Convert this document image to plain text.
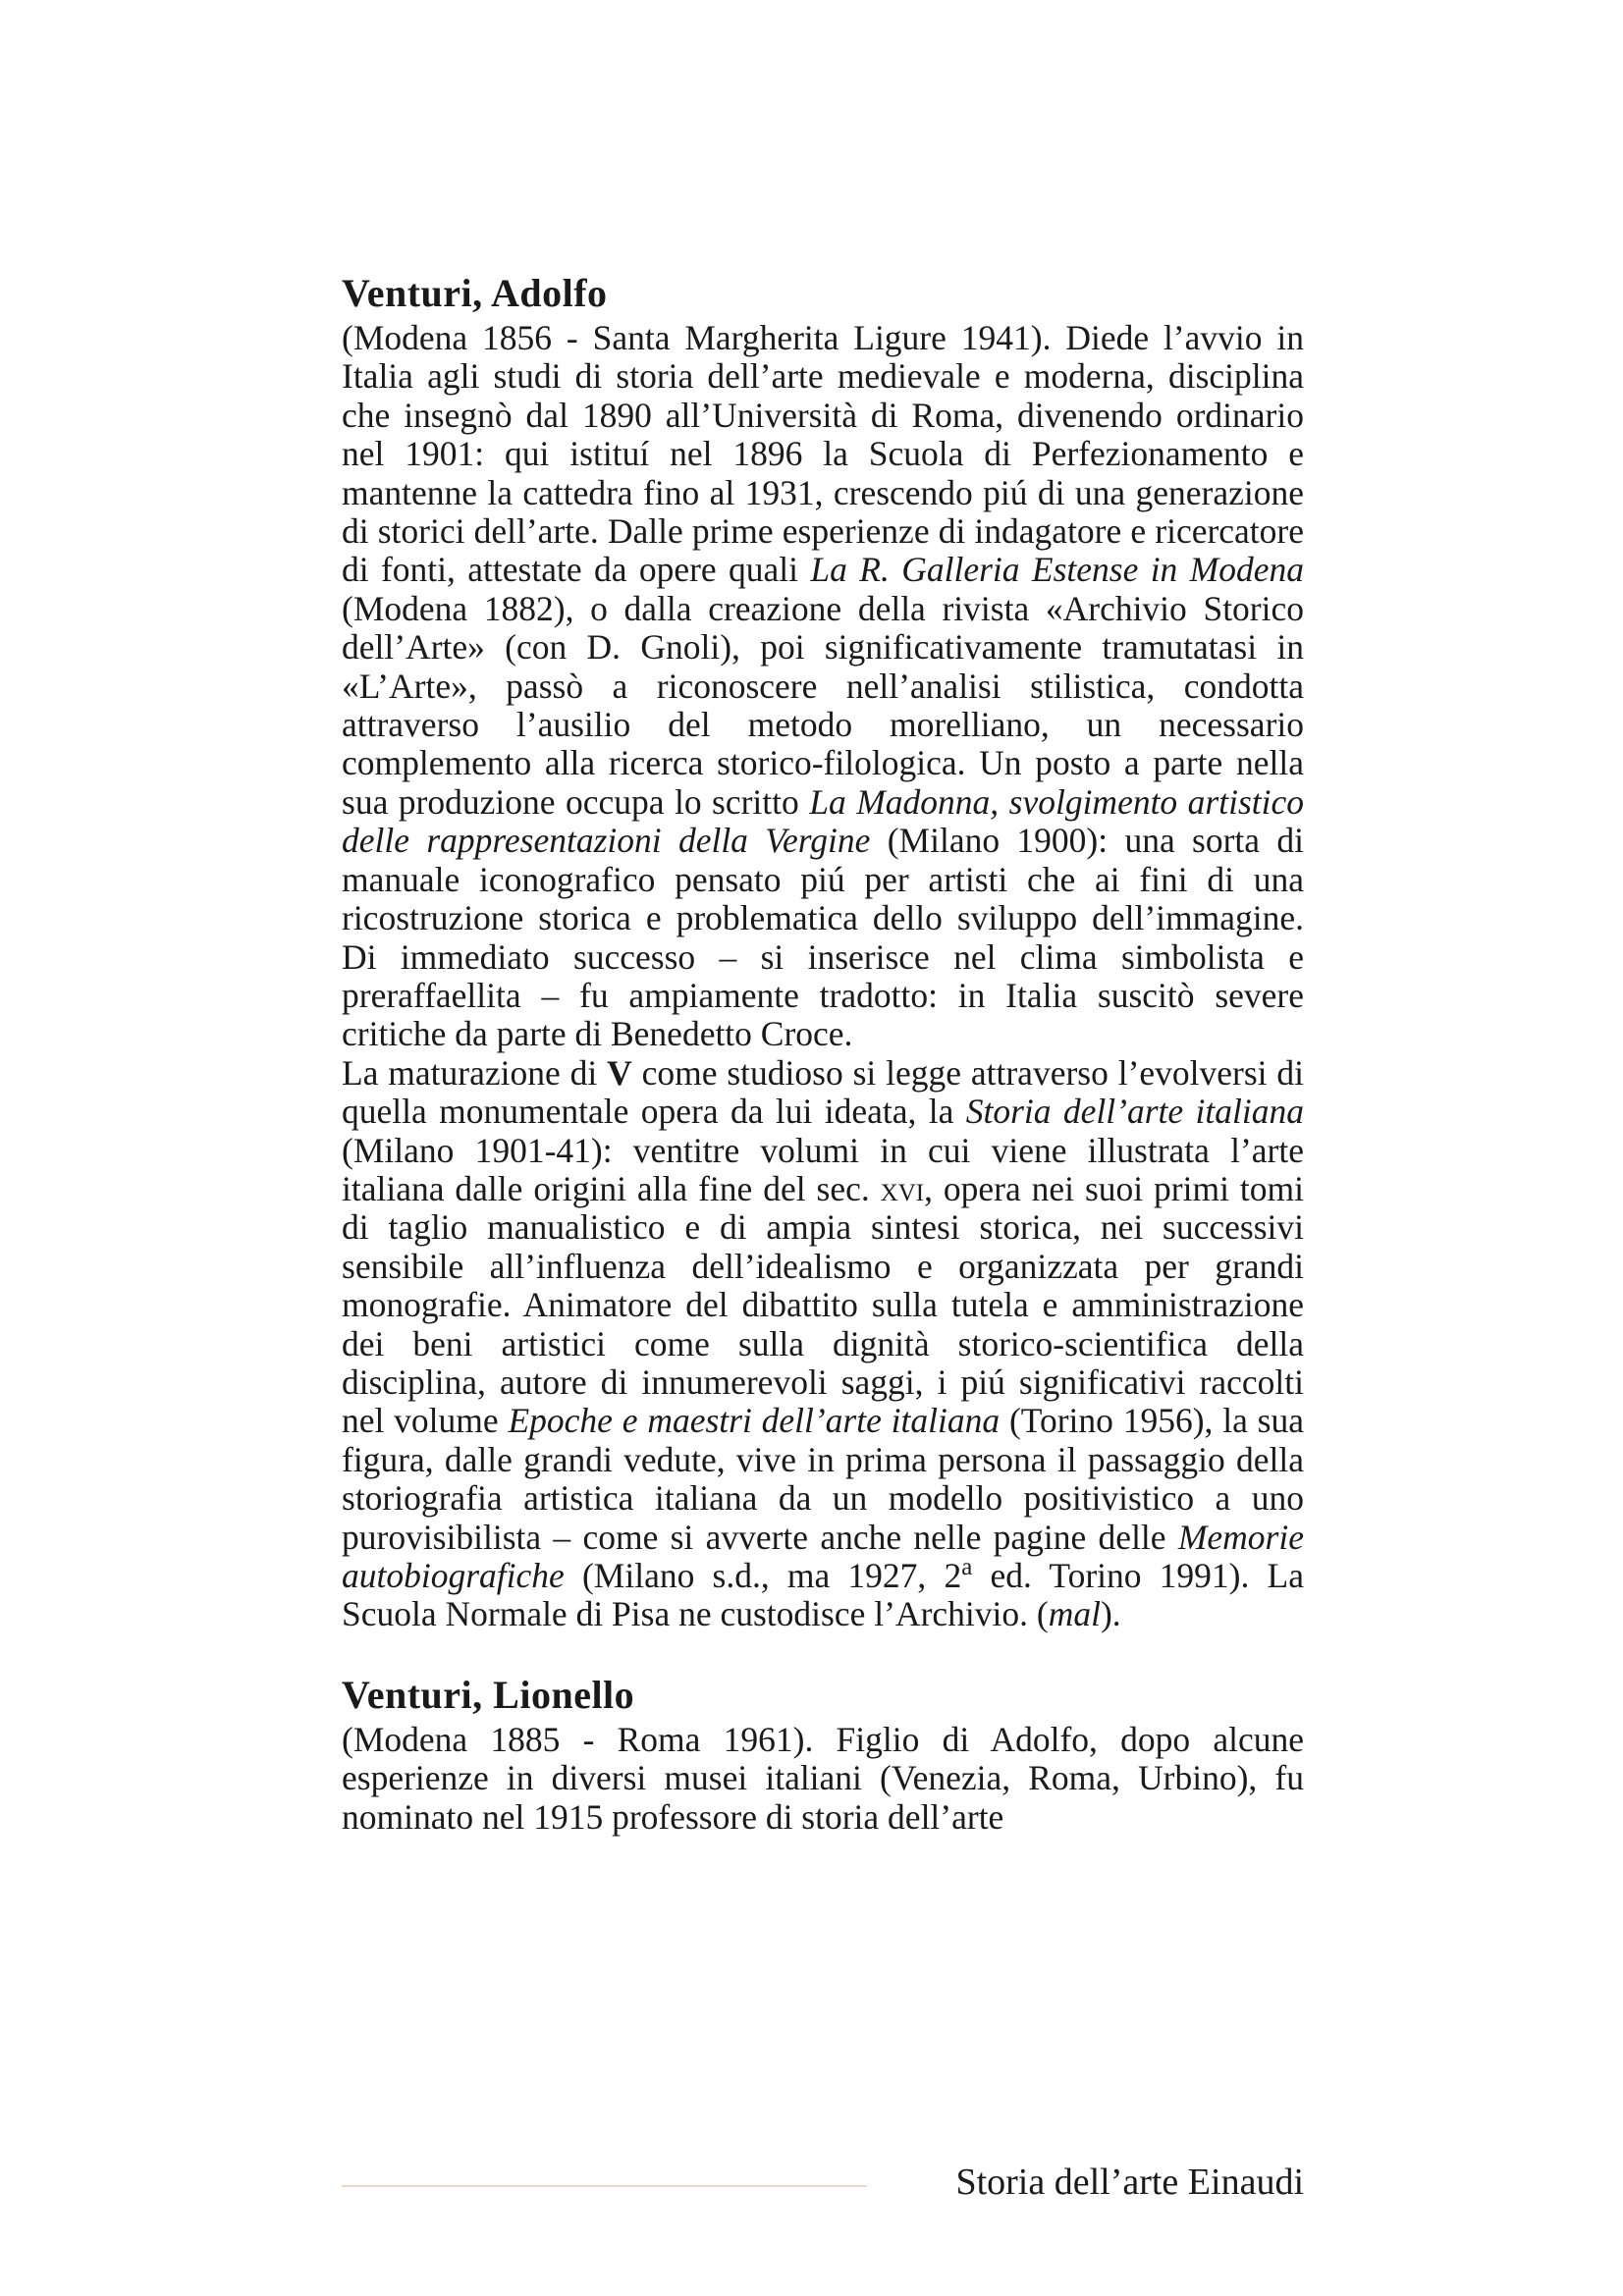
Venturi, Adolfo

(Modena 1856 - Santa Margherita Ligure 1941). Diede l’avvio in Italia agli studi di storia dell’arte medievale e moderna, disciplina che insegnò dal 1890 all’Università di Roma, divenendo ordinario nel 1901: qui istituí nel 1896 la Scuola di Perfezionamento e mantenne la cattedra fino al 1931, crescendo piú di una generazione di storici dell’arte. Dalle prime esperienze di indagatore e ricercatore di fonti, attestate da opere quali La R. Galleria Estense in Modena (Modena 1882), o dalla creazione della rivista «Archivio Storico dell’Arte» (con D. Gnoli), poi significativamente tramutatasi in «L’Arte», passò a riconoscere nell’analisi stilistica, condotta attraverso l’ausilio del metodo morelliano, un necessario complemento alla ricerca storico-filologica. Un posto a parte nella sua produzione occupa lo scritto La Madonna, svolgimento artistico delle rappresentazioni della Vergine (Milano 1900): una sorta di manuale iconografico pensato piú per artisti che ai fini di una ricostruzione storica e problematica dello sviluppo dell’immagine. Di immediato successo – si inserisce nel clima simbolista e preraffaellita – fu ampiamente tradotto: in Italia suscitò severe critiche da parte di Benedetto Croce.

La maturazione di V come studioso si legge attraverso l’evolversi di quella monumentale opera da lui ideata, la Storia dell’arte italiana (Milano 1901-41): ventitre volumi in cui viene illustrata l’arte italiana dalle origini alla fine del sec. xvi, opera nei suoi primi tomi di taglio manualistico e di ampia sintesi storica, nei successivi sensibile all’influenza dell’idealismo e organizzata per grandi monografie. Animatore del dibattito sulla tutela e amministrazione dei beni artistici come sulla dignità storico-scientifica della disciplina, autore di innumerevoli saggi, i piú significativi raccolti nel volume Epoche e maestri dell’arte italiana (Torino 1956), la sua figura, dalle grandi vedute, vive in prima persona il passaggio della storiografia artistica italiana da un modello positivistico a uno purovisibilista – come si avverte anche nelle pagine delle Memorie autobiografiche (Milano s.d., ma 1927, 2$^a$ ed. Torino 1991). La Scuola Normale di Pisa ne custodisce l’Archivio. (mal).

Venturi, Lionello

(Modena 1885 - Roma 1961). Figlio di Adolfo, dopo alcune esperienze in diversi musei italiani (Venezia, Roma, Urbino), fu nominato nel 1915 professore di storia dell’arte

Storia dell’arte Einaudi
